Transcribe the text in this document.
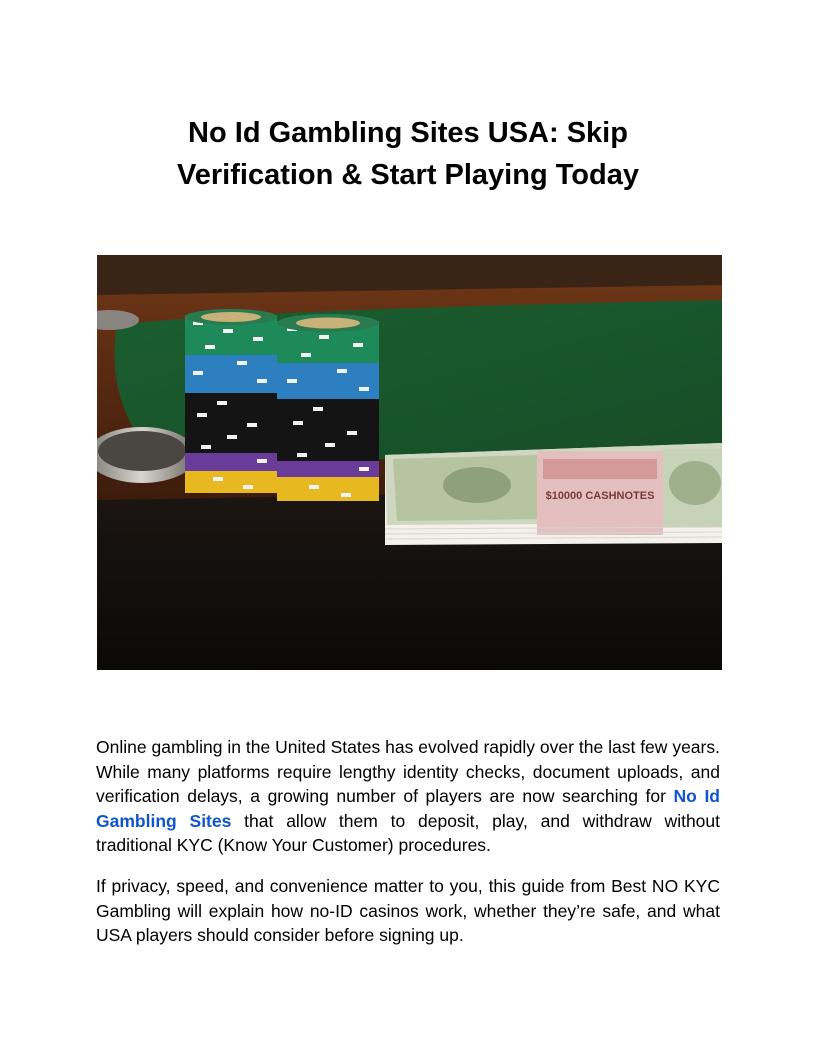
No Id Gambling Sites USA: Skip
Verification & Start Playing Today
$10000 CASHNOTES

Online gambling in the United States has evolved rapidly over the last few years. While many platforms require lengthy identity checks, document uploads, and verification delays, a growing number of players are now searching for No Id Gambling Sites that allow them to deposit, play, and withdraw without traditional KYC (Know Your Customer) procedures.

If privacy, speed, and convenience matter to you, this guide from Best NO KYC Gambling will explain how no-ID casinos work, whether they’re safe, and what USA players should consider before signing up.
